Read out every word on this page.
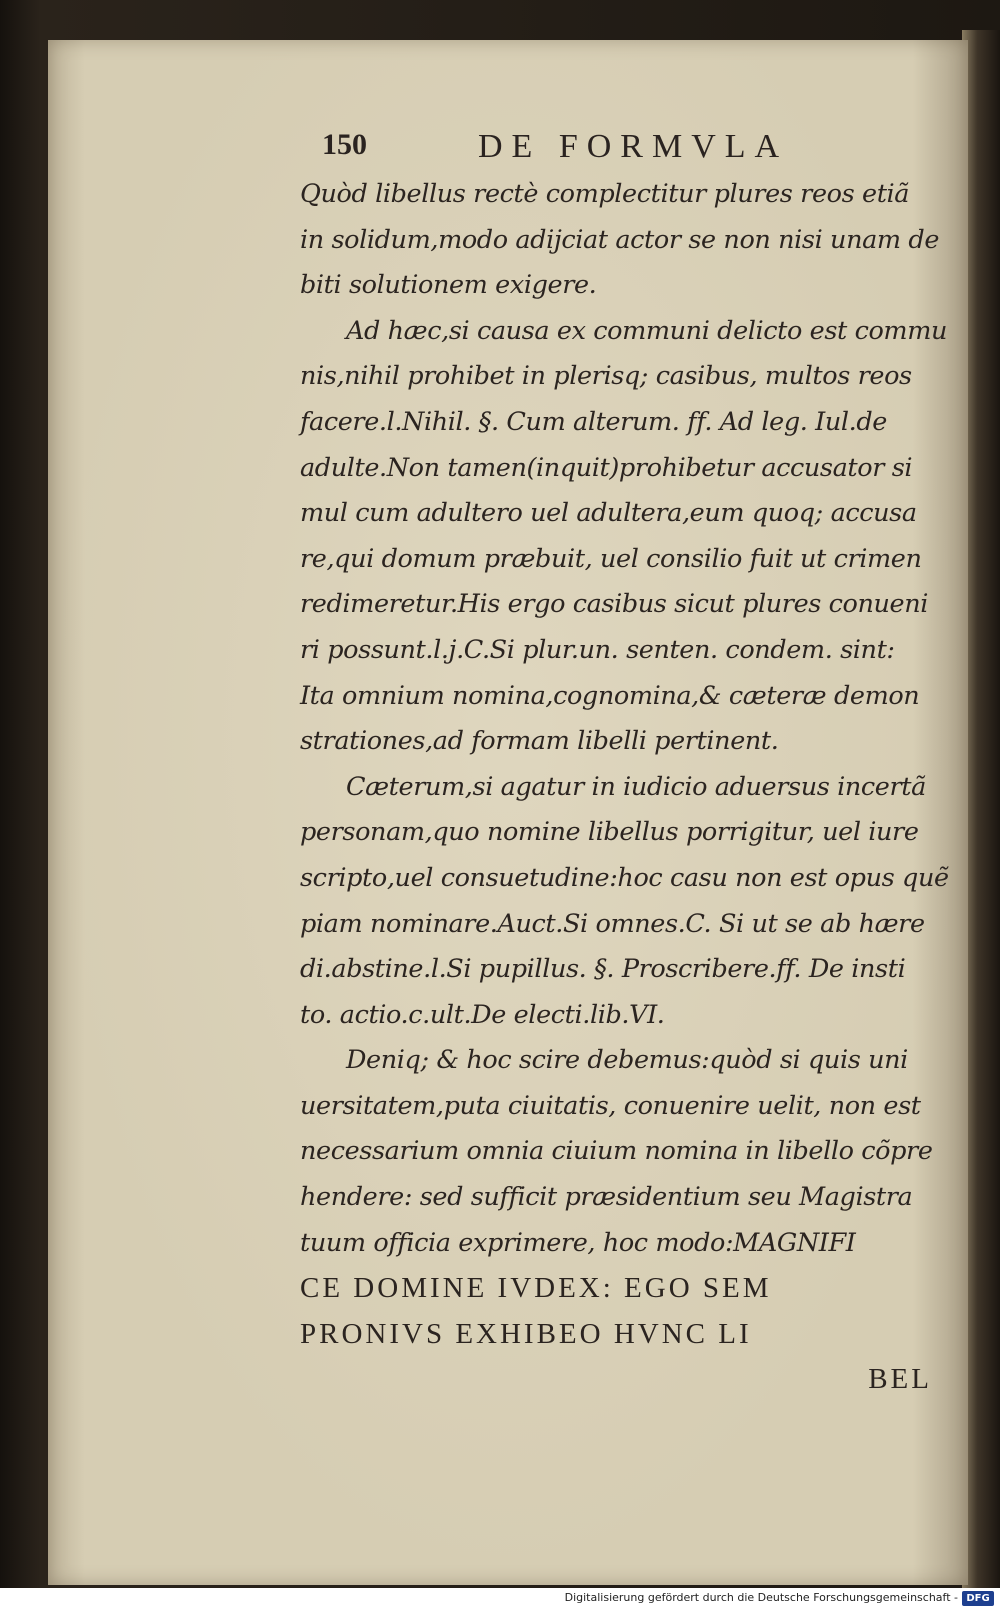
150	DE FORMVLA
Quòd libellus rectè complectitur plures reos etiã
in solidum,modo adijciat actor se non nisi unam de
biti solutionem exigere.
Ad hæc,si causa ex communi delicto est commu
nis,nihil prohibet in plerisq; casibus, multos reos
facere.l.Nihil. §. Cum alterum. ff. Ad leg. Iul.de
adulte.Non tamen(inquit)prohibetur accusator si
mul cum adultero uel adultera,eum quoq; accusa
re,qui domum præbuit, uel consilio fuit ut crimen
redimeretur.His ergo casibus sicut plures conueni
ri possunt.l.j.C.Si plur.un. senten. condem. sint:
Ita omnium nomina,cognomina,& cæteræ demon
strationes,ad formam libelli pertinent.
Cæterum,si agatur in iudicio aduersus incertã
personam,quo nomine libellus porrigitur, uel iure
scripto,uel consuetudine:hoc casu non est opus quẽ
piam nominare.Auct.Si omnes.C. Si ut se ab hære
di.abstine.l.Si pupillus. §. Proscribere.ff. De insti
to. actio.c.ult.De electi.lib.VI.
Deniq; & hoc scire debemus:quòd si quis uni
uersitatem,puta ciuitatis, conuenire uelit, non est
necessarium omnia ciuium nomina in libello cõpre
hendere: sed sufficit præsidentium seu Magistra
tuum officia exprimere, hoc modo:MAGNIFI
CE DOMINE IVDEX: EGO SEM
PRONIVS EXHIBEO HVNC LI
BEL
Digitalisierung gefördert durch die Deutsche Forschungsgemeinschaft - DFG
